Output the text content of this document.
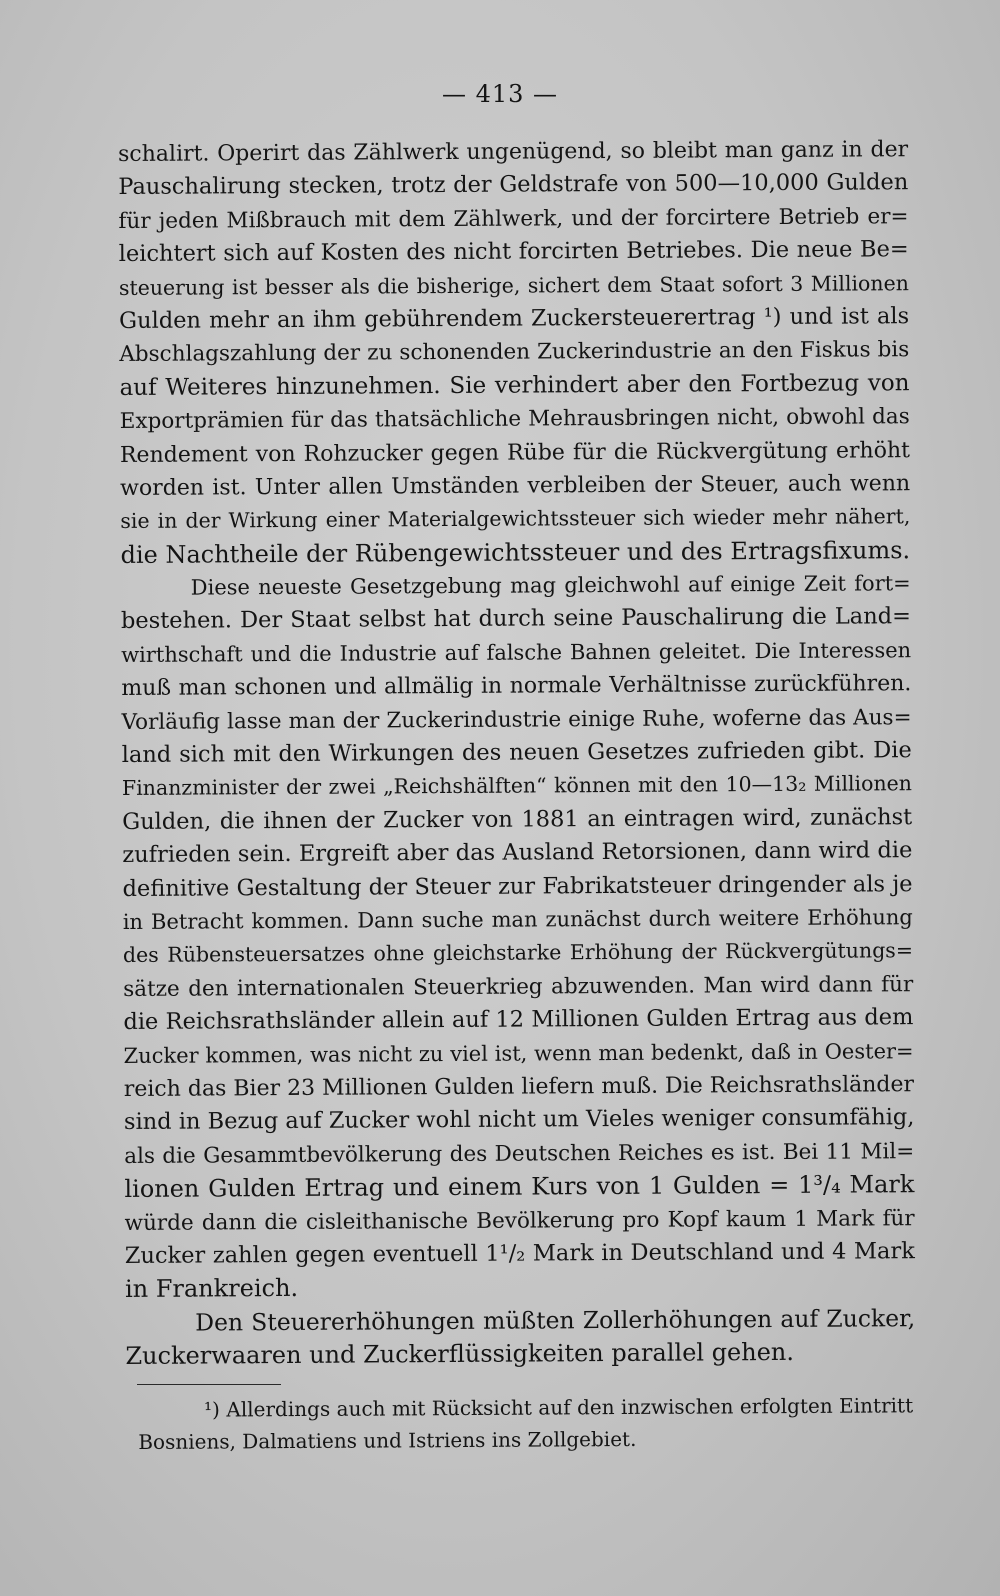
— 413 —
schalirt. Operirt das Zählwerk ungenügend, so bleibt man ganz in der
Pauschalirung stecken, trotz der Geldstrafe von 500—10,000 Gulden
für jeden Mißbrauch mit dem Zählwerk, und der forcirtere Betrieb er=
leichtert sich auf Kosten des nicht forcirten Betriebes. Die neue Be=
steuerung ist besser als die bisherige, sichert dem Staat sofort 3 Millionen
Gulden mehr an ihm gebührendem Zuckersteuerertrag ¹) und ist als
Abschlagszahlung der zu schonenden Zuckerindustrie an den Fiskus bis
auf Weiteres hinzunehmen. Sie verhindert aber den Fortbezug von
Exportprämien für das thatsächliche Mehrausbringen nicht, obwohl das
Rendement von Rohzucker gegen Rübe für die Rückvergütung erhöht
worden ist. Unter allen Umständen verbleiben der Steuer, auch wenn
sie in der Wirkung einer Materialgewichtssteuer sich wieder mehr nähert,
die Nachtheile der Rübengewichtssteuer und des Ertragsfixums.
Diese neueste Gesetzgebung mag gleichwohl auf einige Zeit fort=
bestehen. Der Staat selbst hat durch seine Pauschalirung die Land=
wirthschaft und die Industrie auf falsche Bahnen geleitet. Die Interessen
muß man schonen und allmälig in normale Verhältnisse zurückführen.
Vorläufig lasse man der Zuckerindustrie einige Ruhe, woferne das Aus=
land sich mit den Wirkungen des neuen Gesetzes zufrieden gibt. Die
Finanzminister der zwei „Reichshälften“ können mit den 10—13₂ Millionen
Gulden, die ihnen der Zucker von 1881 an eintragen wird, zunächst
zufrieden sein. Ergreift aber das Ausland Retorsionen, dann wird die
definitive Gestaltung der Steuer zur Fabrikatsteuer dringender als je
in Betracht kommen. Dann suche man zunächst durch weitere Erhöhung
des Rübensteuersatzes ohne gleichstarke Erhöhung der Rückvergütungs=
sätze den internationalen Steuerkrieg abzuwenden. Man wird dann für
die Reichsrathsländer allein auf 12 Millionen Gulden Ertrag aus dem
Zucker kommen, was nicht zu viel ist, wenn man bedenkt, daß in Oester=
reich das Bier 23 Millionen Gulden liefern muß. Die Reichsrathsländer
sind in Bezug auf Zucker wohl nicht um Vieles weniger consumfähig,
als die Gesammtbevölkerung des Deutschen Reiches es ist. Bei 11 Mil=
lionen Gulden Ertrag und einem Kurs von 1 Gulden = 1³/₄ Mark
würde dann die cisleithanische Bevölkerung pro Kopf kaum 1 Mark für
Zucker zahlen gegen eventuell 1¹/₂ Mark in Deutschland und 4 Mark
in Frankreich.
Den Steuererhöhungen müßten Zollerhöhungen auf Zucker,
Zuckerwaaren und Zuckerflüssigkeiten parallel gehen.
¹) Allerdings auch mit Rücksicht auf den inzwischen erfolgten Eintritt
Bosniens, Dalmatiens und Istriens ins Zollgebiet.
